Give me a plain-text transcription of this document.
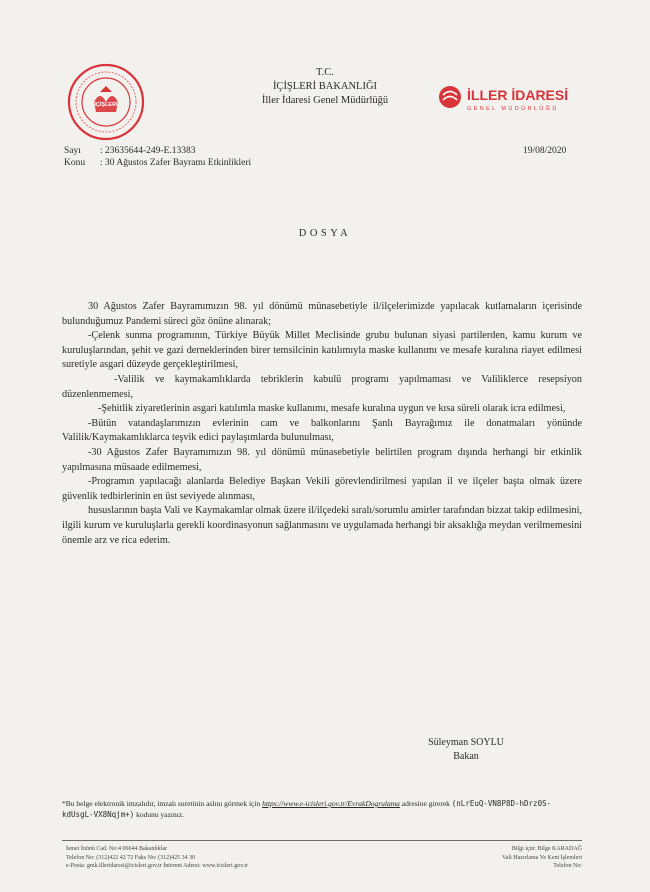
İÇİŞLERİ
T.C.
İÇİŞLERİ BAKANLIĞI
İller İdaresi Genel Müdürlüğü	İLLER İDARESİ
GENEL MÜDÜRLÜĞÜ
Sayı : 23635644-249-E.13383
Konu : 30 Ağustos Zafer Bayramı Etkinlikleri
19/08/2020
DOSYA

30 Ağustos Zafer Bayramımızın 98. yıl dönümü münasebetiyle il/ilçelerimizde yapılacak kutlamaların içerisinde bulunduğumuz Pandemi süreci göz önüne alınarak;

-Çelenk sunma programının, Türkiye Büyük Millet Meclisinde grubu bulunan siyasi partilerden, kamu kurum ve kuruluşlarından, şehit ve gazi derneklerinden birer temsilcinin katılımıyla maske kullanımı ve mesafe kuralına riayet edilmesi suretiyle asgari düzeyde gerçekleştirilmesi,

-Valilik ve kaymakamlıklarda tebriklerin kabulü programı yapılmaması ve Valiliklerce resepsiyon düzenlenmemesi,

-Şehitlik ziyaretlerinin asgari katılımla maske kullanımı, mesafe kuralına uygun ve kısa süreli olarak icra edilmesi,

-Bütün vatandaşlarımızın evlerinin cam ve balkonlarını Şanlı Bayrağımız ile donatmaları yönünde Valilik/Kaymakamlıklarca teşvik edici paylaşımlarda bulunulması,

-30 Ağustos Zafer Bayramımızın 98. yıl dönümü münasebetiyle belirtilen program dışında herhangi bir etkinlik yapılmasına müsaade edilmemesi,

-Programın yapılacağı alanlarda Belediye Başkan Vekili görevlendirilmesi yapılan il ve ilçeler başta olmak üzere güvenlik tedbirlerinin en üst seviyede alınması,

hususlarının başta Vali ve Kaymakamlar olmak üzere il/ilçedeki sıralı/sorumlu amirler tarafından bizzat takip edilmesini, ilgili kurum ve kuruluşlarla gerekli koordinasyonun sağlanmasını ve uygulamada herhangi bir aksaklığa meydan verilmemesini önemle arz ve rica ederim.

Süleyman SOYLU
Bakan
*Bu belge elektronik imzalıdır, imzalı suretinin aslını görmek için https://www.e-icisleri.gov.tr/EvrakDogrulama adresine girerek (nLrEuQ-VN8P8D-hDrz0S-kdUsgL-VX8Nqjm+) kodunu yazınız.
İsmet İnönü Cad. No:4 06644 Bakanlıklar
Telefon No: (312)422 42 72 Faks No: (312)425 34 30
e-Posta: gmk.illeridaresi@icisleri.gov.tr İnternet Adresi: www.icisleri.gov.tr
Bilgi için: Bilge KARADAĞ
Vali Hazırlama Ve Kent İşlemleri
Telefon No:
